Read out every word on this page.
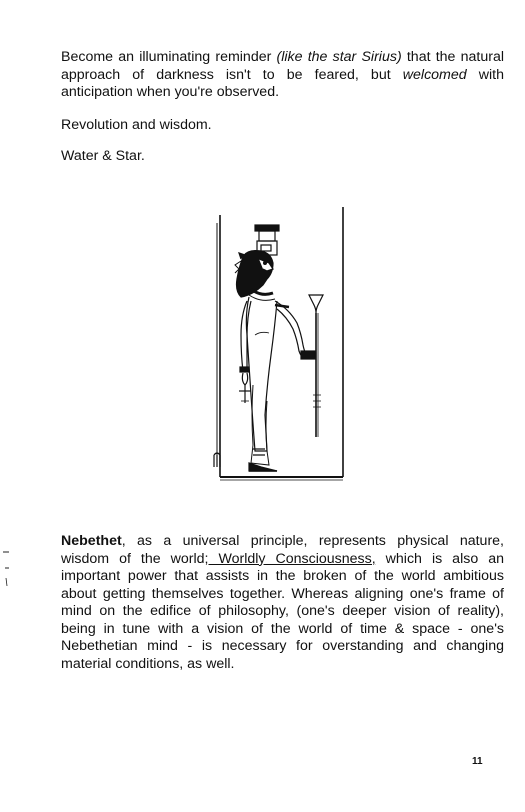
Become an illuminating reminder (like the star Sirius) that the natural approach of darkness isn't to be feared, but welcomed with anticipation when you're observed.

Revolution and wisdom.

Water & Star.

Nebethet, as a universal principle, represents physical nature, wisdom of the world; Worldly Consciousness, which is also an important power that assists in the broken of the world ambitious about getting themselves together. Whereas aligning one's frame of mind on the edifice of philosophy, (one's deeper vision of reality), being in tune with a vision of the world of time & space - one's Nebethetian mind - is necessary for overstanding and changing material conditions, as well.

11
